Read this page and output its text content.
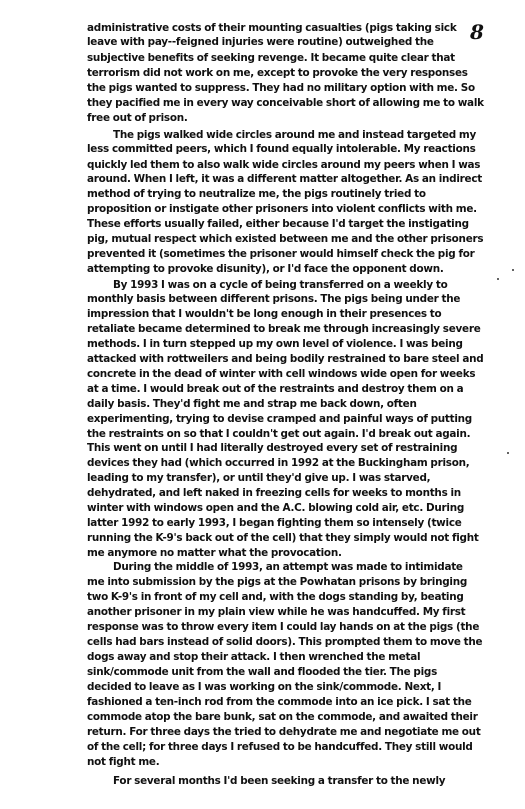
8
administrative costs of their mounting casualties (pigs taking sick
leave with pay--feigned injuries were routine) outweighed the
subjective benefits of seeking revenge. It became quite clear that
terrorism did not work on me, except to provoke the very responses
the pigs wanted to suppress. They had no military option with me. So
they pacified me in every way conceivable short of allowing me to walk
free out of prison.
The pigs walked wide circles around me and instead targeted my
less committed peers, which I found equally intolerable. My reactions
quickly led them to also walk wide circles around my peers when I was
around. When I left, it was a different matter altogether. As an indirect
method of trying to neutralize me, the pigs routinely tried to
proposition or instigate other prisoners into violent conflicts with me.
These efforts usually failed, either because I'd target the instigating
pig, mutual respect which existed between me and the other prisoners
prevented it (sometimes the prisoner would himself check the pig for
attempting to provoke disunity), or I'd face the opponent down.
By 1993 I was on a cycle of being transferred on a weekly to
monthly basis between different prisons. The pigs being under the
impression that I wouldn't be long enough in their presences to
retaliate became determined to break me through increasingly severe
methods. I in turn stepped up my own level of violence. I was being
attacked with rottweilers and being bodily restrained to bare steel and
concrete in the dead of winter with cell windows wide open for weeks
at a time. I would break out of the restraints and destroy them on a
daily basis. They'd fight me and strap me back down, often
experimenting, trying to devise cramped and painful ways of putting
the restraints on so that I couldn't get out again. I'd break out again.
This went on until I had literally destroyed every set of restraining
devices they had (which occurred in 1992 at the Buckingham prison,
leading to my transfer), or until they'd give up. I was starved,
dehydrated, and left naked in freezing cells for weeks to months in
winter with windows open and the A.C. blowing cold air, etc. During
latter 1992 to early 1993, I began fighting them so intensely (twice
running the K-9's back out of the cell) that they simply would not fight
me anymore no matter what the provocation.
During the middle of 1993, an attempt was made to intimidate
me into submission by the pigs at the Powhatan prisons by bringing
two K-9's in front of my cell and, with the dogs standing by, beating
another prisoner in my plain view while he was handcuffed. My first
response was to throw every item I could lay hands on at the pigs (the
cells had bars instead of solid doors). This prompted them to move the
dogs away and stop their attack. I then wrenched the metal
sink/commode unit from the wall and flooded the tier. The pigs
decided to leave as I was working on the sink/commode. Next, I
fashioned a ten-inch rod from the commode into an ice pick. I sat the
commode atop the bare bunk, sat on the commode, and awaited their
return. For three days the tried to dehydrate me and negotiate me out
of the cell; for three days I refused to be handcuffed. They still would
not fight me.
For several months I'd been seeking a transfer to the newly
